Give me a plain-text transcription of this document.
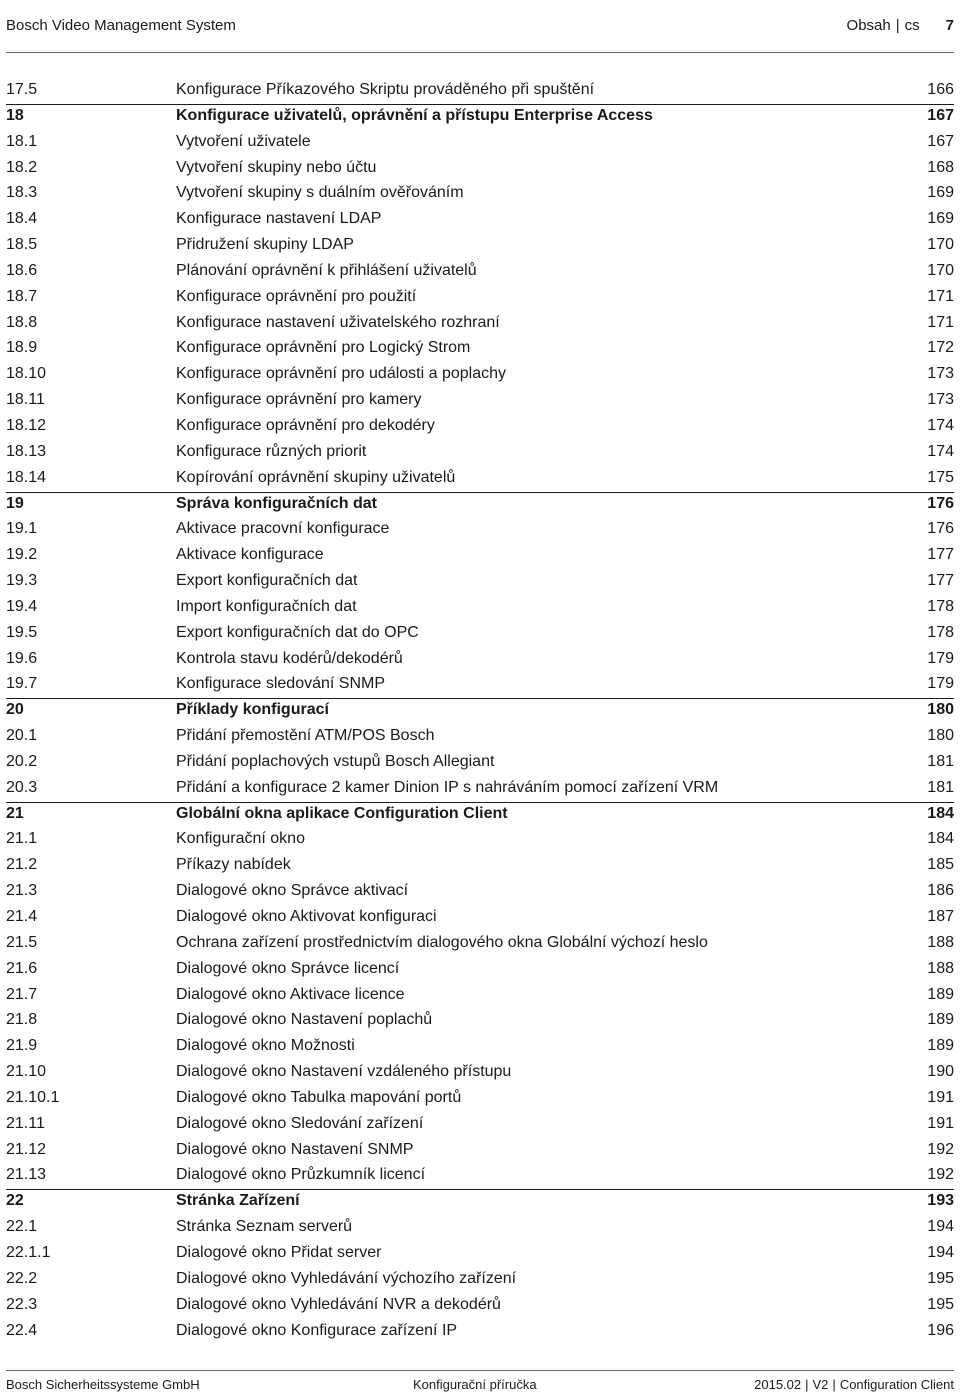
Bosch Video Management System	Obsah | cs 7
17.5	Konfigurace Příkazového Skriptu prováděného při spuštění	166
18	Konfigurace uživatelů, oprávnění a přístupu Enterprise Access	167
18.1	Vytvoření uživatele	167
18.2	Vytvoření skupiny nebo účtu	168
18.3	Vytvoření skupiny s duálním ověřováním	169
18.4	Konfigurace nastavení LDAP	169
18.5	Přidružení skupiny LDAP	170
18.6	Plánování oprávnění k přihlášení uživatelů	170
18.7	Konfigurace oprávnění pro použití	171
18.8	Konfigurace nastavení uživatelského rozhraní	171
18.9	Konfigurace oprávnění pro Logický Strom	172
18.10	Konfigurace oprávnění pro události a poplachy	173
18.11	Konfigurace oprávnění pro kamery	173
18.12	Konfigurace oprávnění pro dekodéry	174
18.13	Konfigurace různých priorit	174
18.14	Kopírování oprávnění skupiny uživatelů	175
19	Správa konfiguračních dat	176
19.1	Aktivace pracovní konfigurace	176
19.2	Aktivace konfigurace	177
19.3	Export konfiguračních dat	177
19.4	Import konfiguračních dat	178
19.5	Export konfiguračních dat do OPC	178
19.6	Kontrola stavu kodérů/dekodérů	179
19.7	Konfigurace sledování SNMP	179
20	Příklady konfigurací	180
20.1	Přidání přemostění ATM/POS Bosch	180
20.2	Přidání poplachových vstupů Bosch Allegiant	181
20.3	Přidání a konfigurace 2 kamer Dinion IP s nahráváním pomocí zařízení VRM	181
21	Globální okna aplikace Configuration Client	184
21.1	Konfigurační okno	184
21.2	Příkazy nabídek	185
21.3	Dialogové okno Správce aktivací	186
21.4	Dialogové okno Aktivovat konfiguraci	187
21.5	Ochrana zařízení prostřednictvím dialogového okna Globální výchozí heslo	188
21.6	Dialogové okno Správce licencí	188
21.7	Dialogové okno Aktivace licence	189
21.8	Dialogové okno Nastavení poplachů	189
21.9	Dialogové okno Možnosti	189
21.10	Dialogové okno Nastavení vzdáleného přístupu	190
21.10.1	Dialogové okno Tabulka mapování portů	191
21.11	Dialogové okno Sledování zařízení	191
21.12	Dialogové okno Nastavení SNMP	192
21.13	Dialogové okno Průzkumník licencí	192
22	Stránka Zařízení	193
22.1	Stránka Seznam serverů	194
22.1.1	Dialogové okno Přidat server	194
22.2	Dialogové okno Vyhledávání výchozího zařízení	195
22.3	Dialogové okno Vyhledávání NVR a dekodérů	195
22.4	Dialogové okno Konfigurace zařízení IP	196
Bosch Sicherheitssysteme GmbH	Konfigurační příručka	2015.02 | V2 | Configuration Client
